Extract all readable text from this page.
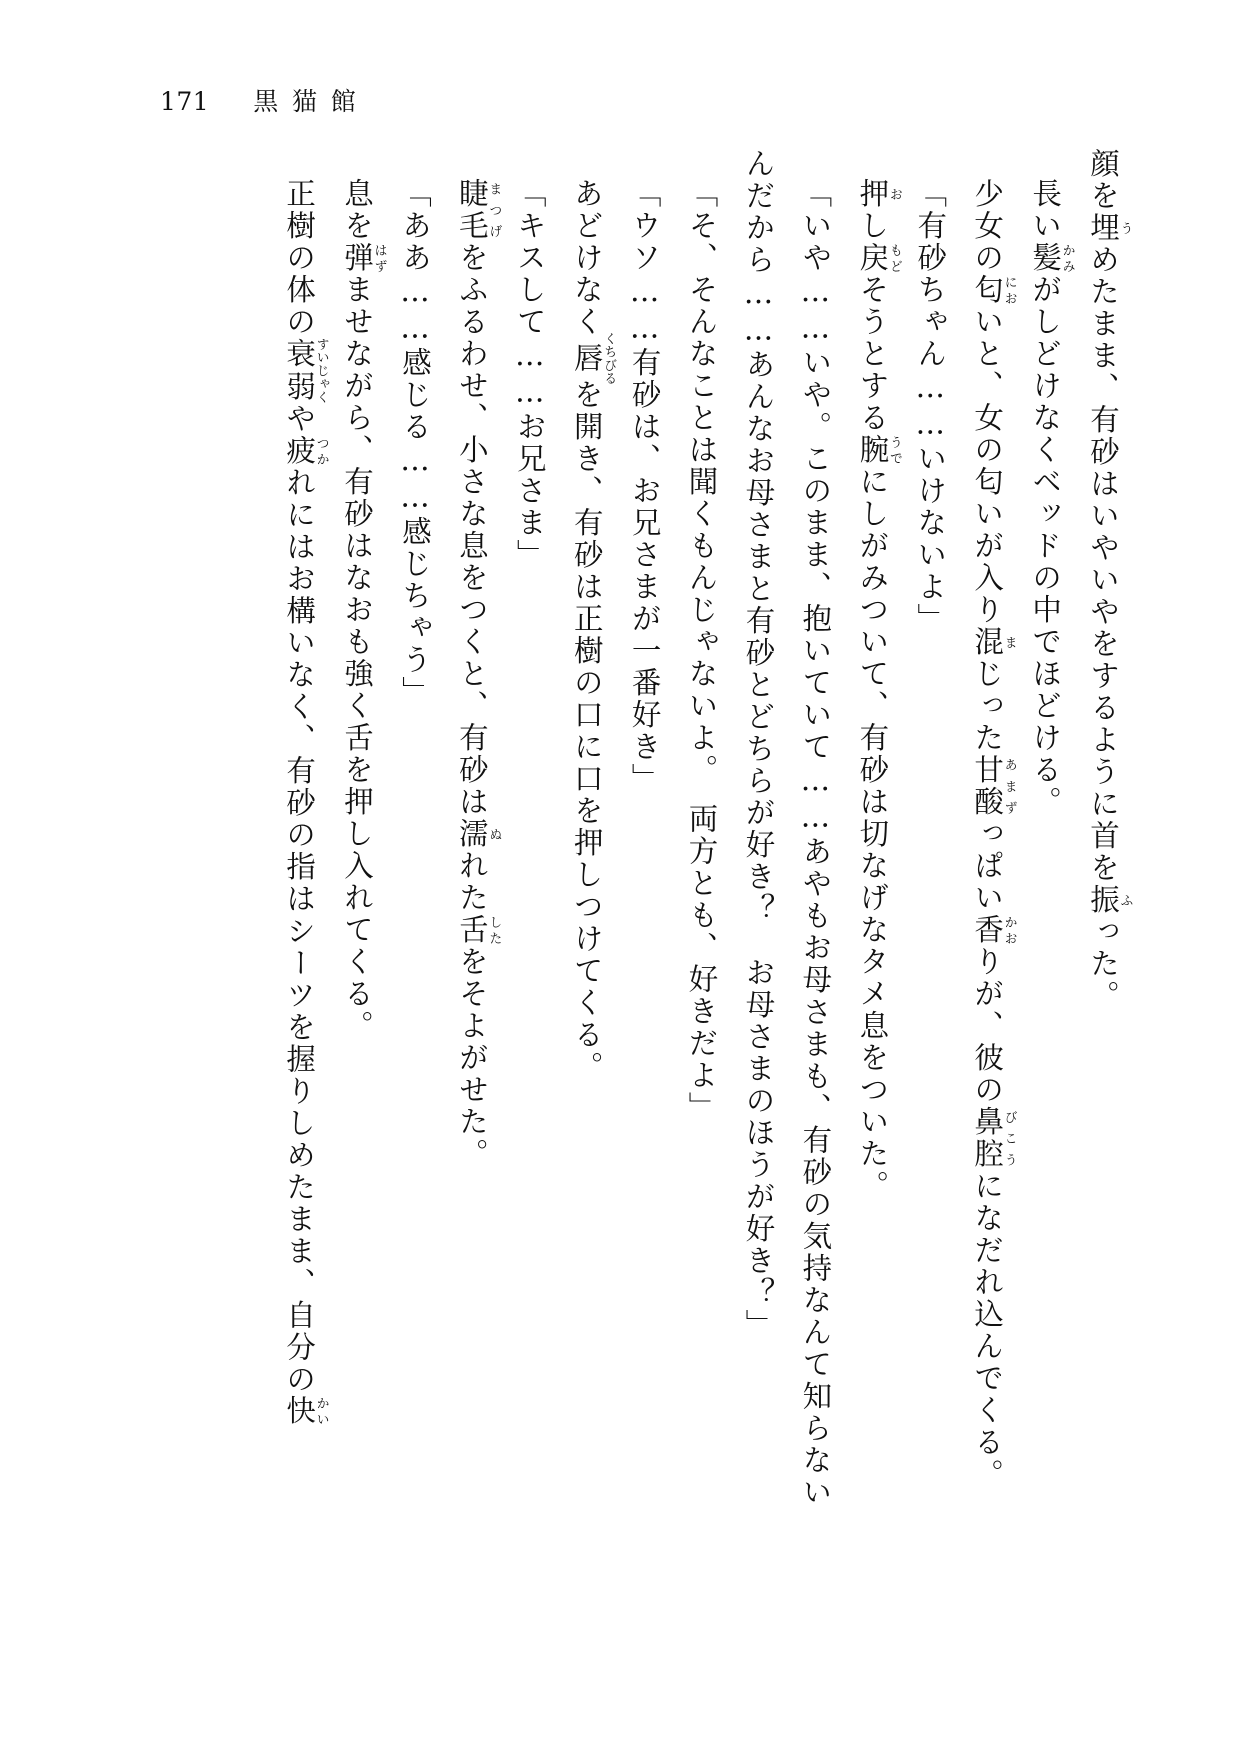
171 黒猫館

顔を埋うめたまま、有砂はいやいやをするように首を振ふった。

長い髪かみがしどけなくベッドの中でほどける。

少女の匂においと、女の匂いが入り混まじった甘酸あまずっぱい香かおりが、彼の鼻腔びこうになだれ込んでくる。

「有砂ちゃん……いけないよ」

押おし戻もどそうとする腕うでにしがみついて、有砂は切なげなタメ息をついた。

「いや……いや。このまま、抱いていて……あやもお母さまも、有砂の気持なんて知らないんだから……あんなお母さまと有砂とどちらが好き？　お母さまのほうが好き？」

「そ、そんなことは聞くもんじゃないよ。　両方とも、好きだよ」

「ウソ……有砂は、お兄さまが一番好き」

あどけなく唇くちびるを開き、有砂は正樹の口に口を押しつけてくる。

「キスして……お兄さま」

睫毛まつげをふるわせ、小さな息をつくと、有砂は濡ぬれた舌したをそよがせた。

「ああ……感じる……感じちゃう」

息を弾はずませながら、有砂はなおも強く舌を押し入れてくる。

正樹の体の衰弱すいじゃくや疲つかれにはお構いなく、有砂の指はシーツを握りしめたまま、自分の快かい
